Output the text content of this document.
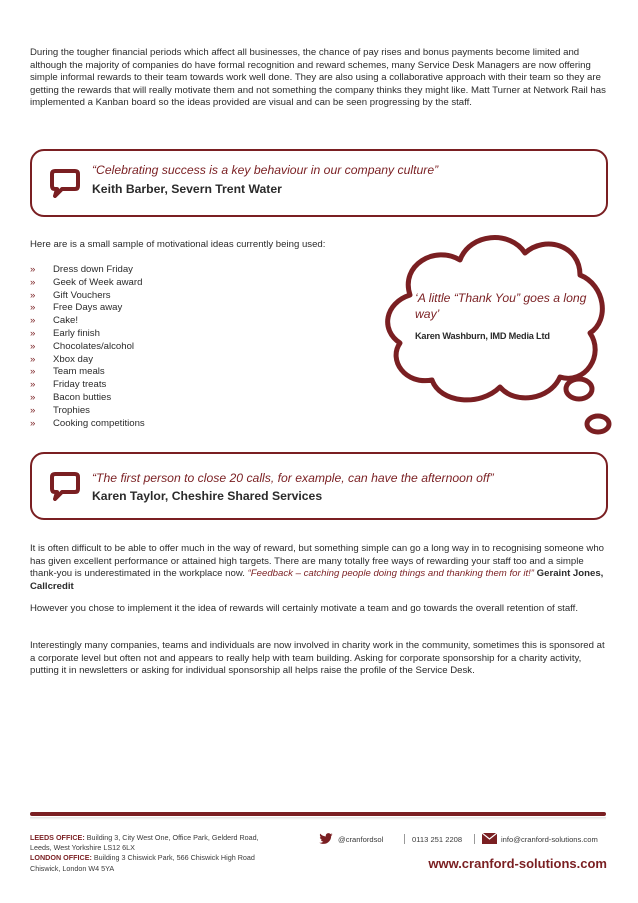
During the tougher financial periods which affect all businesses, the chance of pay rises and bonus payments become limited and although the majority of companies do have formal recognition and reward schemes, many Service Desk Managers are now offering simple informal rewards to their team towards work well done. They are also using a collaborative approach with their team so they are getting the rewards that will really motivate them and not something the company thinks they might like. Matt Turner at Network Rail has implemented a Kanban board so the ideas provided are visual and can be seen progressing by the staff.

“Celebrating success is a key behaviour in our company culture”

Keith Barber, Severn Trent Water

Here are is a small sample of motivational ideas currently being used:

» Dress down Friday
» Geek of Week award
» Gift Vouchers
» Free Days away
» Cake!
» Early finish
» Chocolates/alcohol
» Xbox day
» Team meals
» Friday treats
» Bacon butties
» Trophies
» Cooking competitions

‘A little “Thank You” goes a long way’

Karen Washburn, IMD Media Ltd

“The first person to close 20 calls, for example, can have the afternoon off”

Karen Taylor, Cheshire Shared Services

It is often difficult to be able to offer much in the way of reward, but something simple can go a long way in to recognising someone who has given excellent performance or attained high targets. There are many totally free ways of rewarding your staff too and a simple thank-you is underestimated in the workplace now. “Feedback – catching people doing things and thanking them for it!” Geraint Jones, Callcredit

However you chose to implement it the idea of rewards will certainly motivate a team and go towards the overall retention of staff.

Interestingly many companies, teams and individuals are now involved in charity work in the community, sometimes this is sponsored at a corporate level but often not and appears to really help with team building. Asking for corporate sponsorship for a charity activity, putting it in newsletters or asking for individual sponsorship all helps raise the profile of the Service Desk.

LEEDS OFFICE: Building 3, City West One, Office Park, Gelderd Road,

Leeds, West Yorkshire LS12 6LX

LONDON OFFICE: Building 3 Chiswick Park, 566 Chiswick High Road

Chiswick, London W4 5YA

@cranfordsol	0113 251 2208	info@cranford-solutions.com
www.cranford-solutions.com
